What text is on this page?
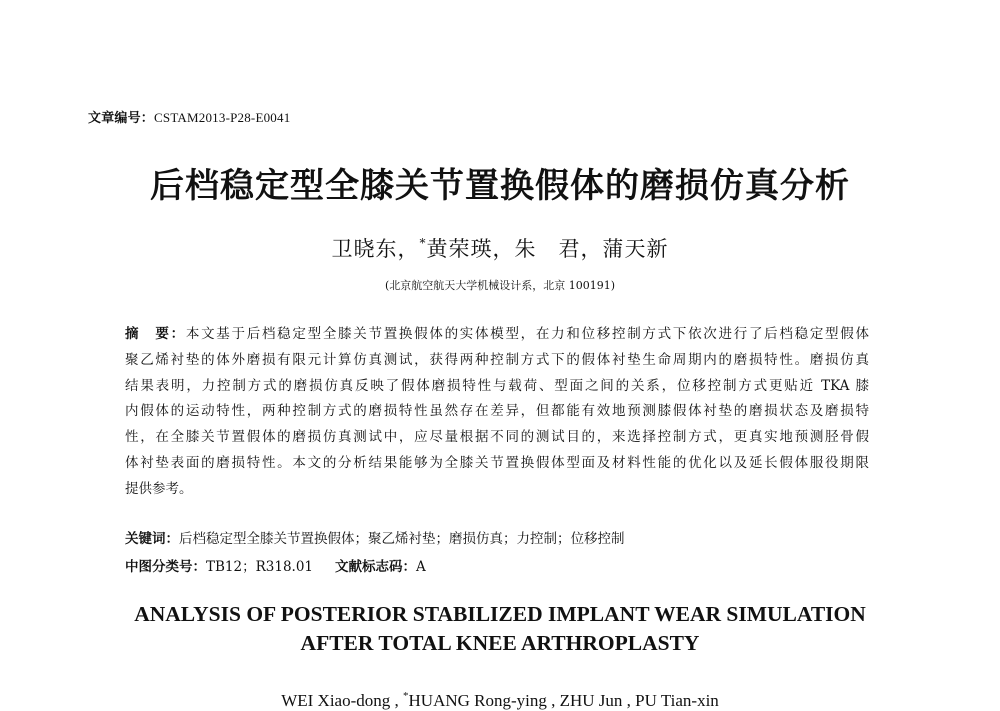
文章编号：CSTAM2013-P28-E0041
后档稳定型全膝关节置换假体的磨损仿真分析
卫晓东，*黄荣瑛，朱　君，蒲天新
(北京航空航天大学机械设计系，北京 100191)
摘　要：本文基于后档稳定型全膝关节置换假体的实体模型，在力和位移控制方式下依次进行了后档稳定型假体
聚乙烯衬垫的体外磨损有限元计算仿真测试，获得两种控制方式下的假体衬垫生命周期内的磨损特性。磨损仿真
结果表明，力控制方式的磨损仿真反映了假体磨损特性与载荷、型面之间的关系，位移控制方式更贴近 TKA 膝
内假体的运动特性，两种控制方式的磨损特性虽然存在差异，但都能有效地预测膝假体衬垫的磨损状态及磨损特
性，在全膝关节置假体的磨损仿真测试中，应尽量根据不同的测试目的，来选择控制方式，更真实地预测胫骨假
体衬垫表面的磨损特性。本文的分析结果能够为全膝关节置换假体型面及材料性能的优化以及延长假体服役期限
提供参考。
关键词：后档稳定型全膝关节置换假体；聚乙烯衬垫；磨损仿真；力控制；位移控制
中图分类号：TB12；R318.01 文献标志码：A
ANALYSIS OF POSTERIOR STABILIZED IMPLANT WEAR SIMULATION
AFTER TOTAL KNEE ARTHROPLASTY
WEI Xiao-dong , *HUANG Rong-ying , ZHU Jun , PU Tian-xin
